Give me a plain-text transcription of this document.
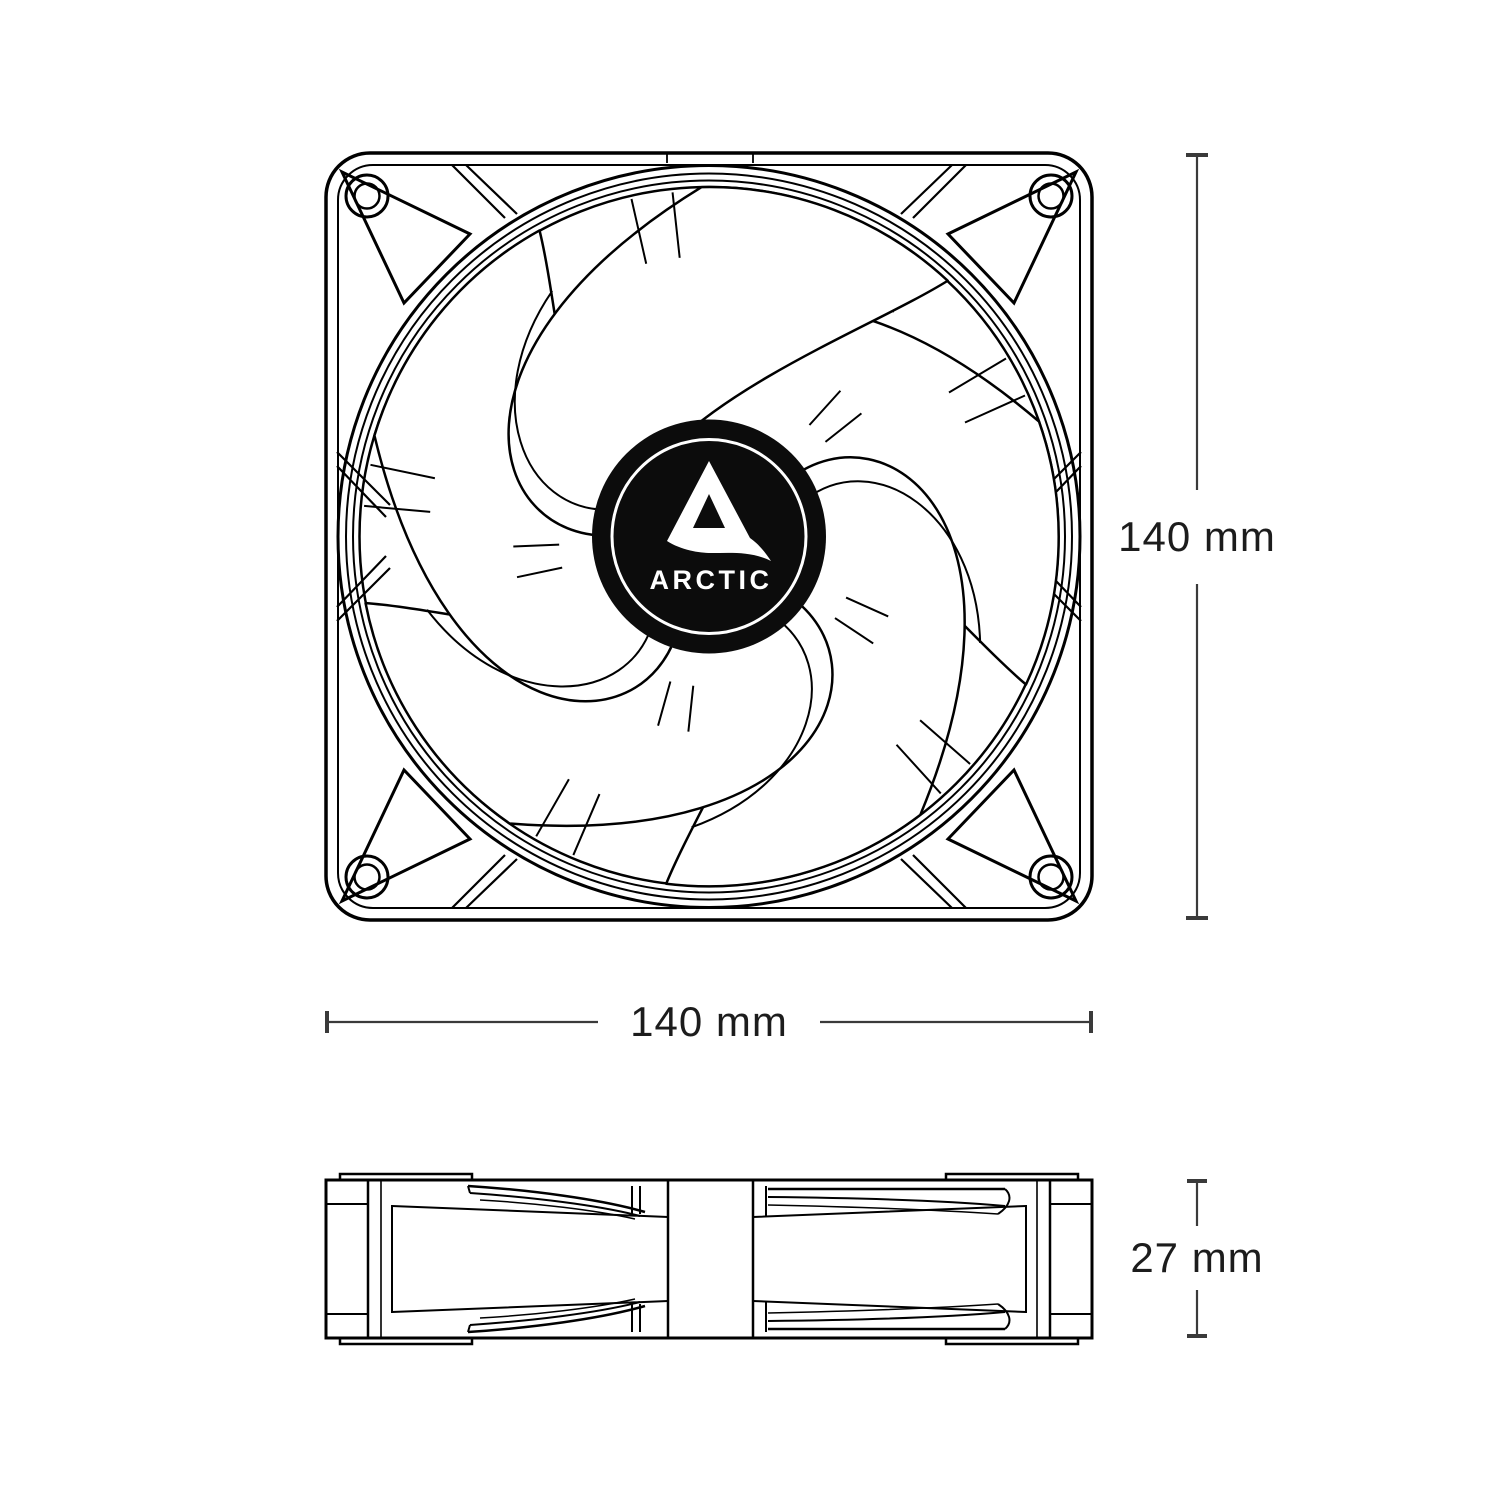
ARCTIC
140 mm
140 mm
27 mm
